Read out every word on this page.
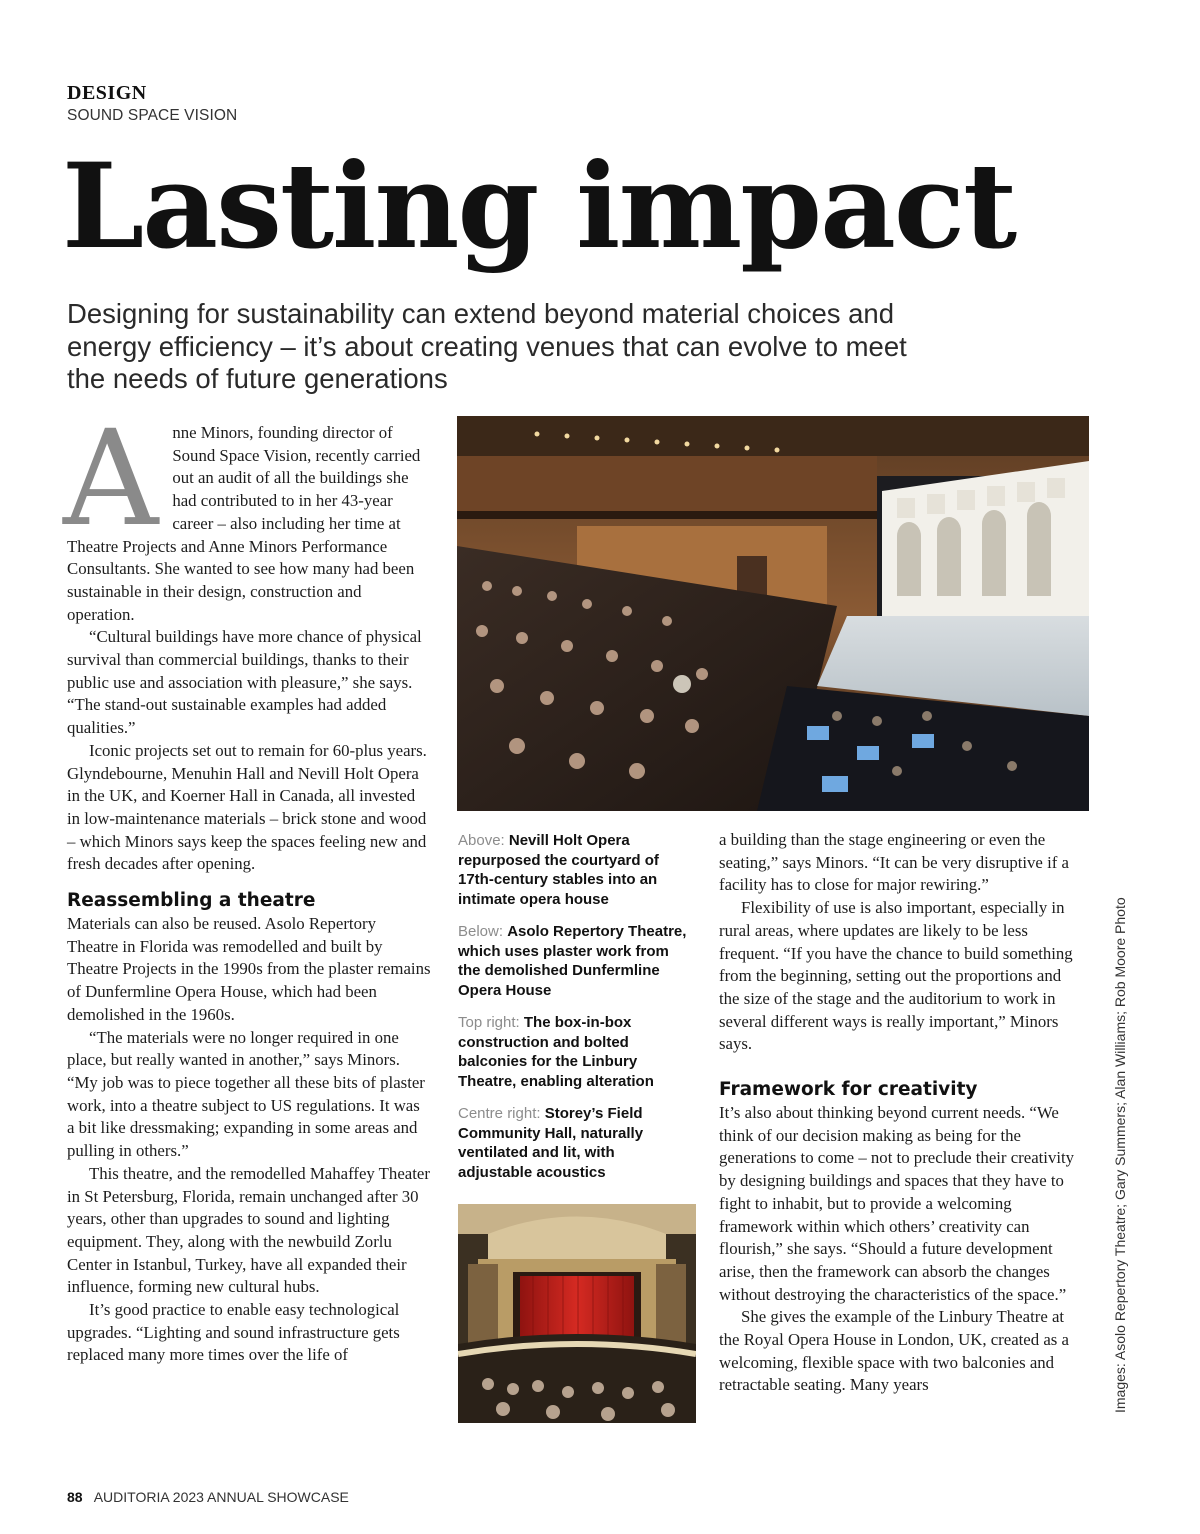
DESIGN
SOUND SPACE VISION
Lasting impact
Designing for sustainability can extend beyond material choices and energy efficiency – it’s about creating venues that can evolve to meet the needs of future generations
A nne Minors, founding director of Sound Space Vision, recently carried out an audit of all the buildings she had contributed to in her 43-year career – also including her time at Theatre Projects and Anne Minors Performance Consultants. She wanted to see how many had been sustainable in their design, construction and operation.

“Cultural buildings have more chance of physical survival than commercial buildings, thanks to their public use and association with pleasure,” she says. “The stand-out sustainable examples had added qualities.”

Iconic projects set out to remain for 60-plus years. Glyndebourne, Menuhin Hall and Nevill Holt Opera in the UK, and Koerner Hall in Canada, all invested in low-maintenance materials – brick stone and wood – which Minors says keep the spaces feeling new and fresh decades after opening.

Reassembling a theatre

Materials can also be reused. Asolo Repertory Theatre in Florida was remodelled and built by Theatre Projects in the 1990s from the plaster remains of Dunfermline Opera House, which had been demolished in the 1960s.

“The materials were no longer required in one place, but really wanted in another,” says Minors. “My job was to piece together all these bits of plaster work, into a theatre subject to US regulations. It was a bit like dressmaking; expanding in some areas and pulling in others.”

This theatre, and the remodelled Mahaffey Theater in St Petersburg, Florida, remain unchanged after 30 years, other than upgrades to sound and lighting equipment. They, along with the newbuild Zorlu Center in Istanbul, Turkey, have all expanded their influence, forming new cultural hubs.

It’s good practice to enable easy technological upgrades. “Lighting and sound infrastructure gets replaced many more times over the life of

Above: Nevill Holt Opera repurposed the courtyard of 17th-century stables into an intimate opera house
Below: Asolo Repertory Theatre, which uses plaster work from the demolished Dunfermline Opera House
Top right: The box-in-box construction and bolted balconies for the Linbury Theatre, enabling alteration
Centre right: Storey’s Field Community Hall, naturally ventilated and lit, with adjustable acoustics

a building than the stage engineering or even the seating,” says Minors. “It can be very disruptive if a facility has to close for major rewiring.”

Flexibility of use is also important, especially in rural areas, where updates are likely to be less frequent. “If you have the chance to build something from the beginning, setting out the proportions and the size of the stage and the auditorium to work in several different ways is really important,” Minors says.

Framework for creativity

It’s also about thinking beyond current needs. “We think of our decision making as being for the generations to come – not to preclude their creativity by designing buildings and spaces that they have to fight to inhabit, but to provide a welcoming framework within which others’ creativity can flourish,” she says. “Should a future development arise, then the framework can absorb the changes without destroying the characteristics of the space.”

She gives the example of the Linbury Theatre at the Royal Opera House in London, UK, created as a welcoming, flexible space with two balconies and retractable seating. Many years	Images: Asolo Repertory Theatre; Gary Summers; Alan Williams; Rob Moore Photo
88 AUDITORIA 2023 ANNUAL SHOWCASE
